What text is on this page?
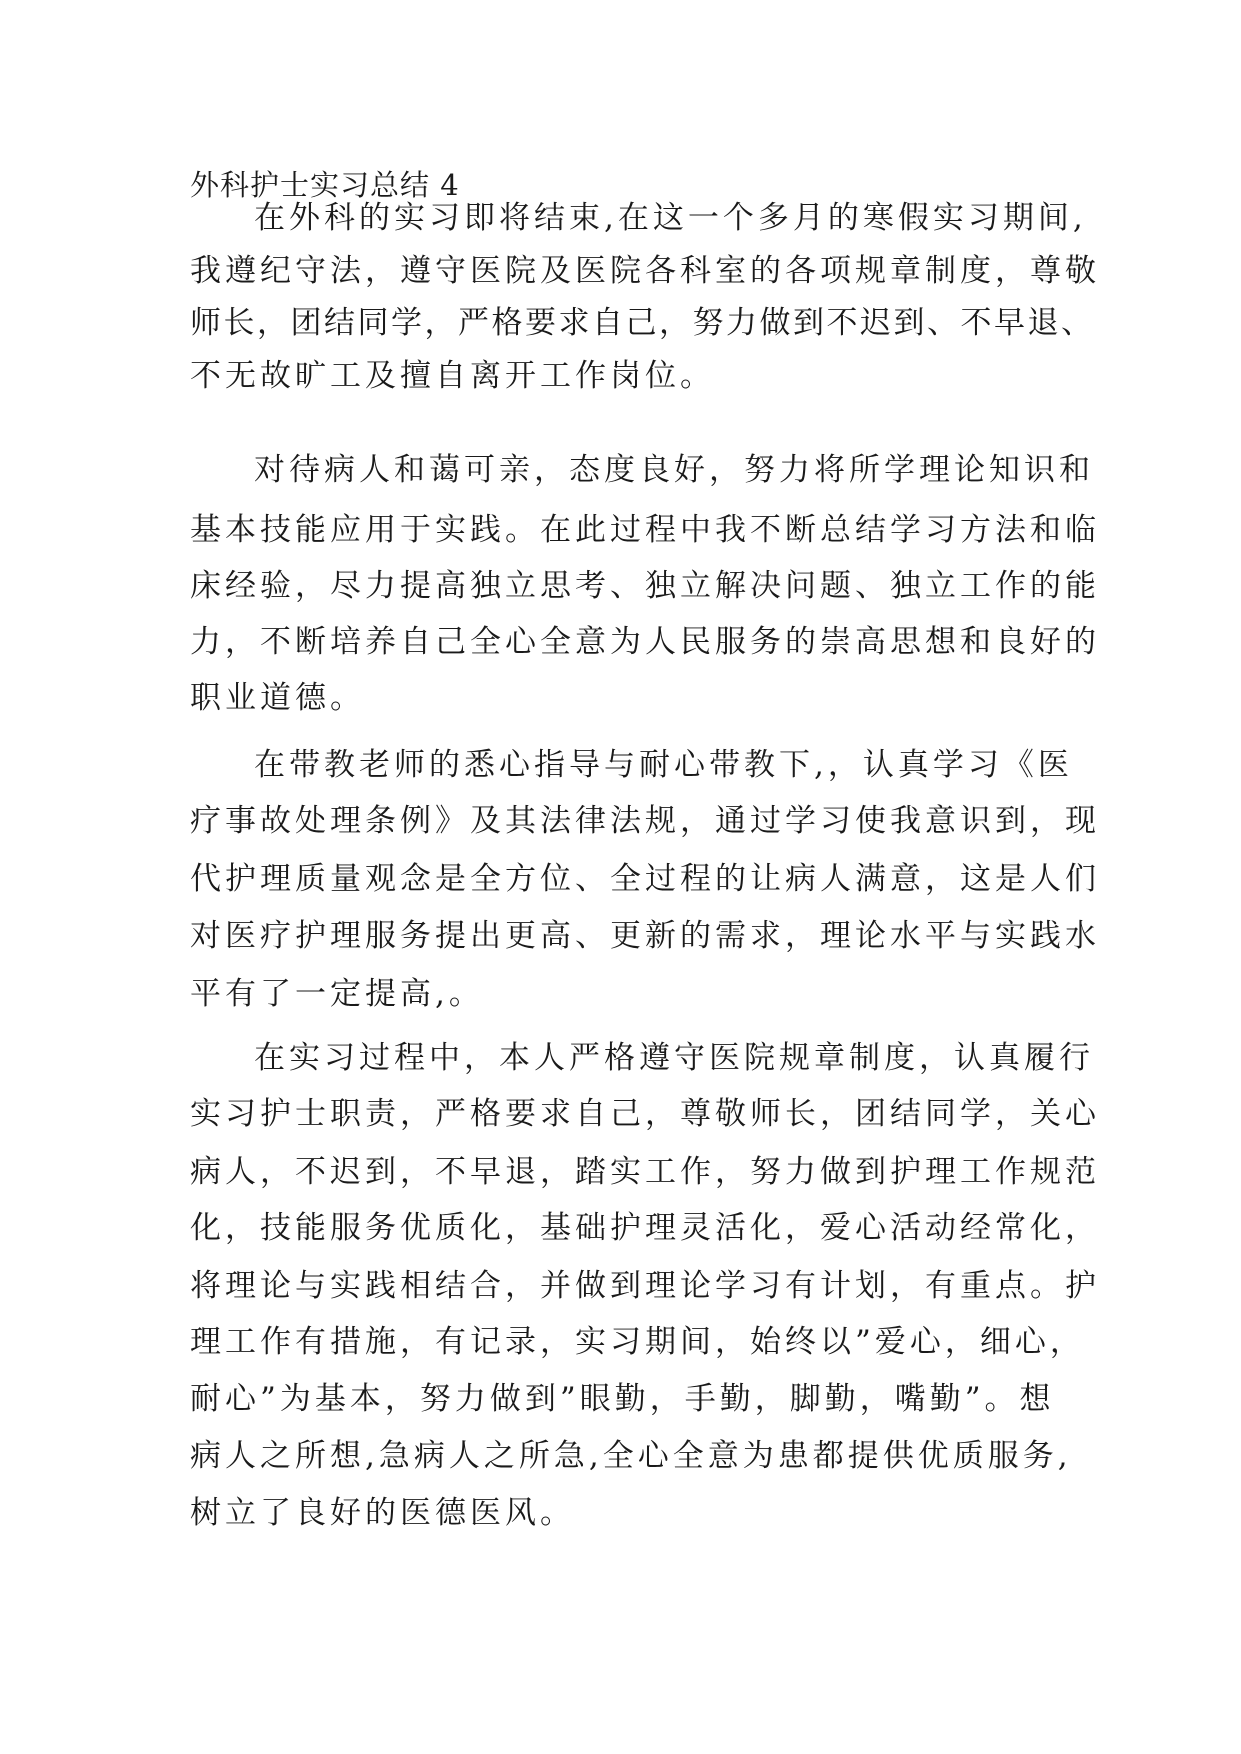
外科护士实习总结 4
在外科的实习即将结束,在这一个多月的寒假实习期间,
我遵纪守法，遵守医院及医院各科室的各项规章制度，尊敬
师长，团结同学，严格要求自己，努力做到不迟到、不早退、
不无故旷工及擅自离开工作岗位。
对待病人和蔼可亲，态度良好，努力将所学理论知识和
基本技能应用于实践。在此过程中我不断总结学习方法和临
床经验，尽力提高独立思考、独立解决问题、独立工作的能
力，不断培养自己全心全意为人民服务的崇高思想和良好的
职业道德。
在带教老师的悉心指导与耐心带教下,，认真学习《医
疗事故处理条例》及其法律法规，通过学习使我意识到，现
代护理质量观念是全方位、全过程的让病人满意，这是人们
对医疗护理服务提出更高、更新的需求，理论水平与实践水
平有了一定提高,。
在实习过程中，本人严格遵守医院规章制度，认真履行
实习护士职责，严格要求自己，尊敬师长，团结同学，关心
病人，不迟到，不早退，踏实工作，努力做到护理工作规范
化，技能服务优质化，基础护理灵活化，爱心活动经常化，
将理论与实践相结合，并做到理论学习有计划，有重点。护
理工作有措施，有记录，实习期间，始终以”爱心，细心，
耐心”为基本，努力做到”眼勤，手勤，脚勤，嘴勤”。想
病人之所想,急病人之所急,全心全意为患都提供优质服务,
树立了良好的医德医风。
